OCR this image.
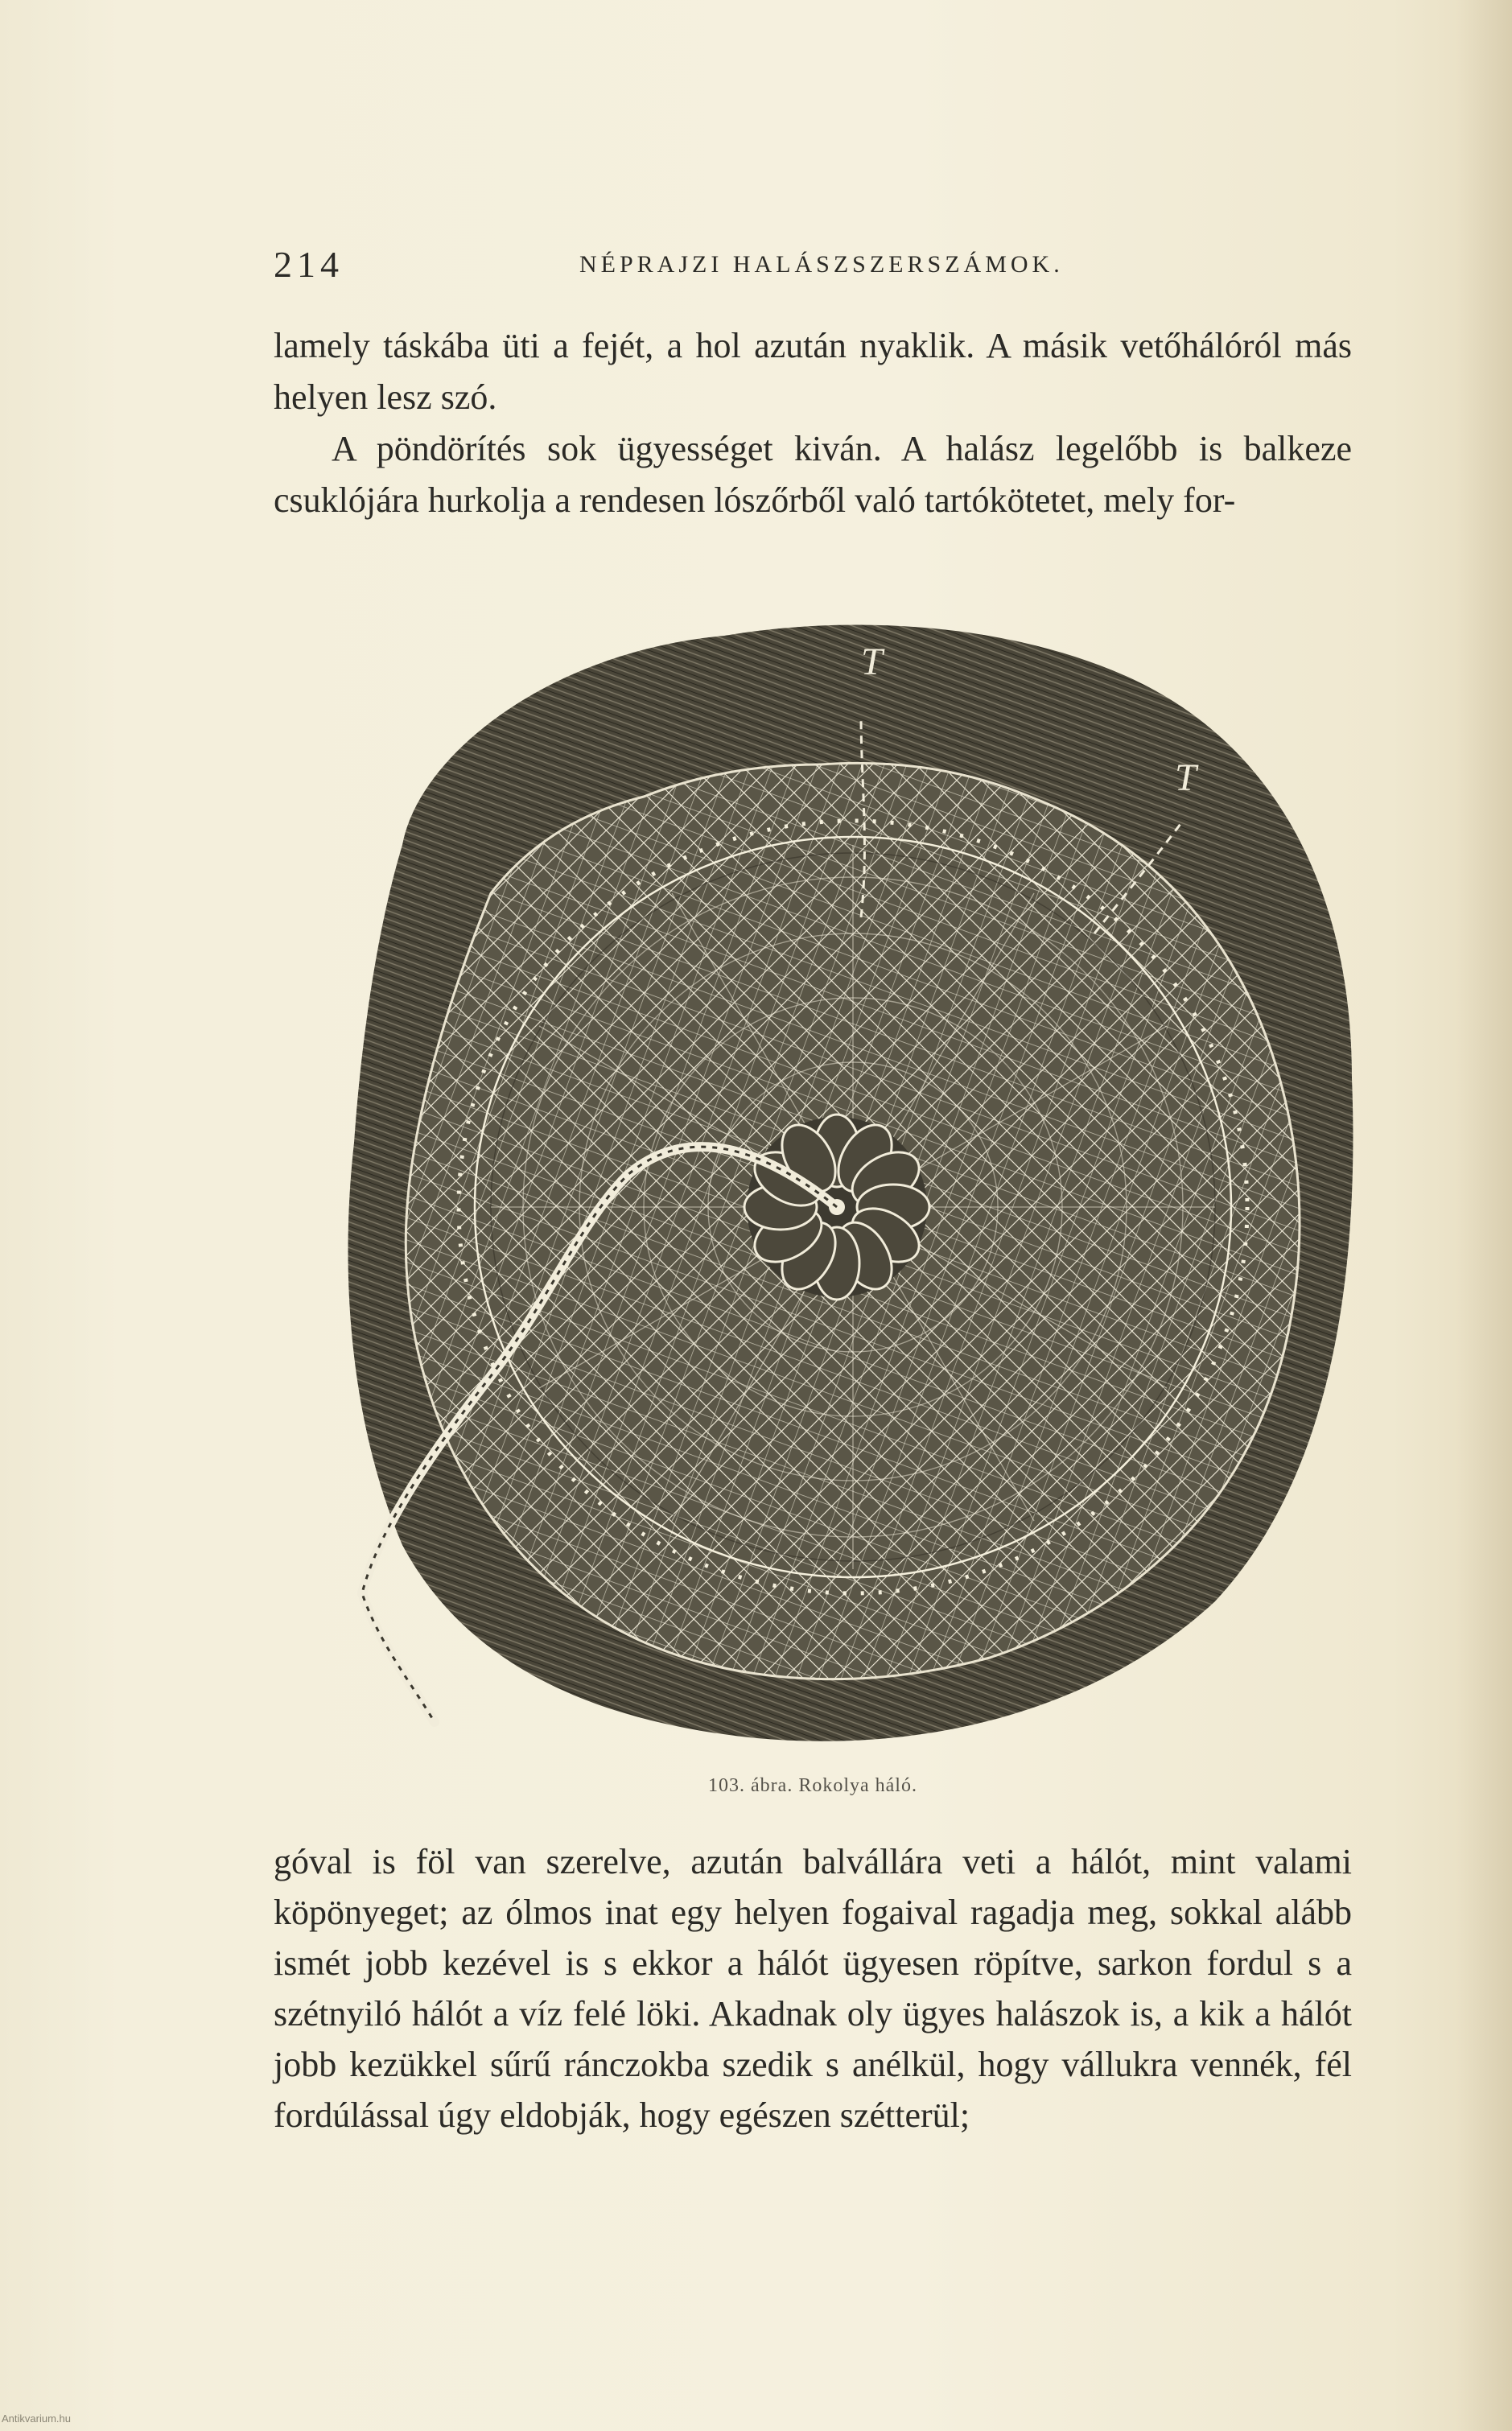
214	NÉPRAJZI HALÁSZSZERSZÁMOK.

lamely táskába üti a fejét, a hol azután nyaklik. A másik vetőhálóról más helyen lesz szó.

A pöndörítés sok ügyességet kiván. A halász legelőbb is balkeze csuklójára hurkolja a rendesen lószőrből való tartókötetet, mely for-

T
T
103. ábra. Rokolya háló.

góval is föl van szerelve, azután balvállára veti a hálót, mint valami köpönyeget; az ólmos inat egy helyen fogaival ragadja meg, sokkal alább ismét jobb kezével is s ekkor a hálót ügyesen röpítve, sarkon fordul s a szétnyiló hálót a víz felé löki. Akadnak oly ügyes halászok is, a kik a hálót jobb kezükkel sűrű ránczokba szedik s anélkül, hogy vállukra vennék, fél fordúlással úgy eldobják, hogy egészen szétterül;

Antikvarium.hu
